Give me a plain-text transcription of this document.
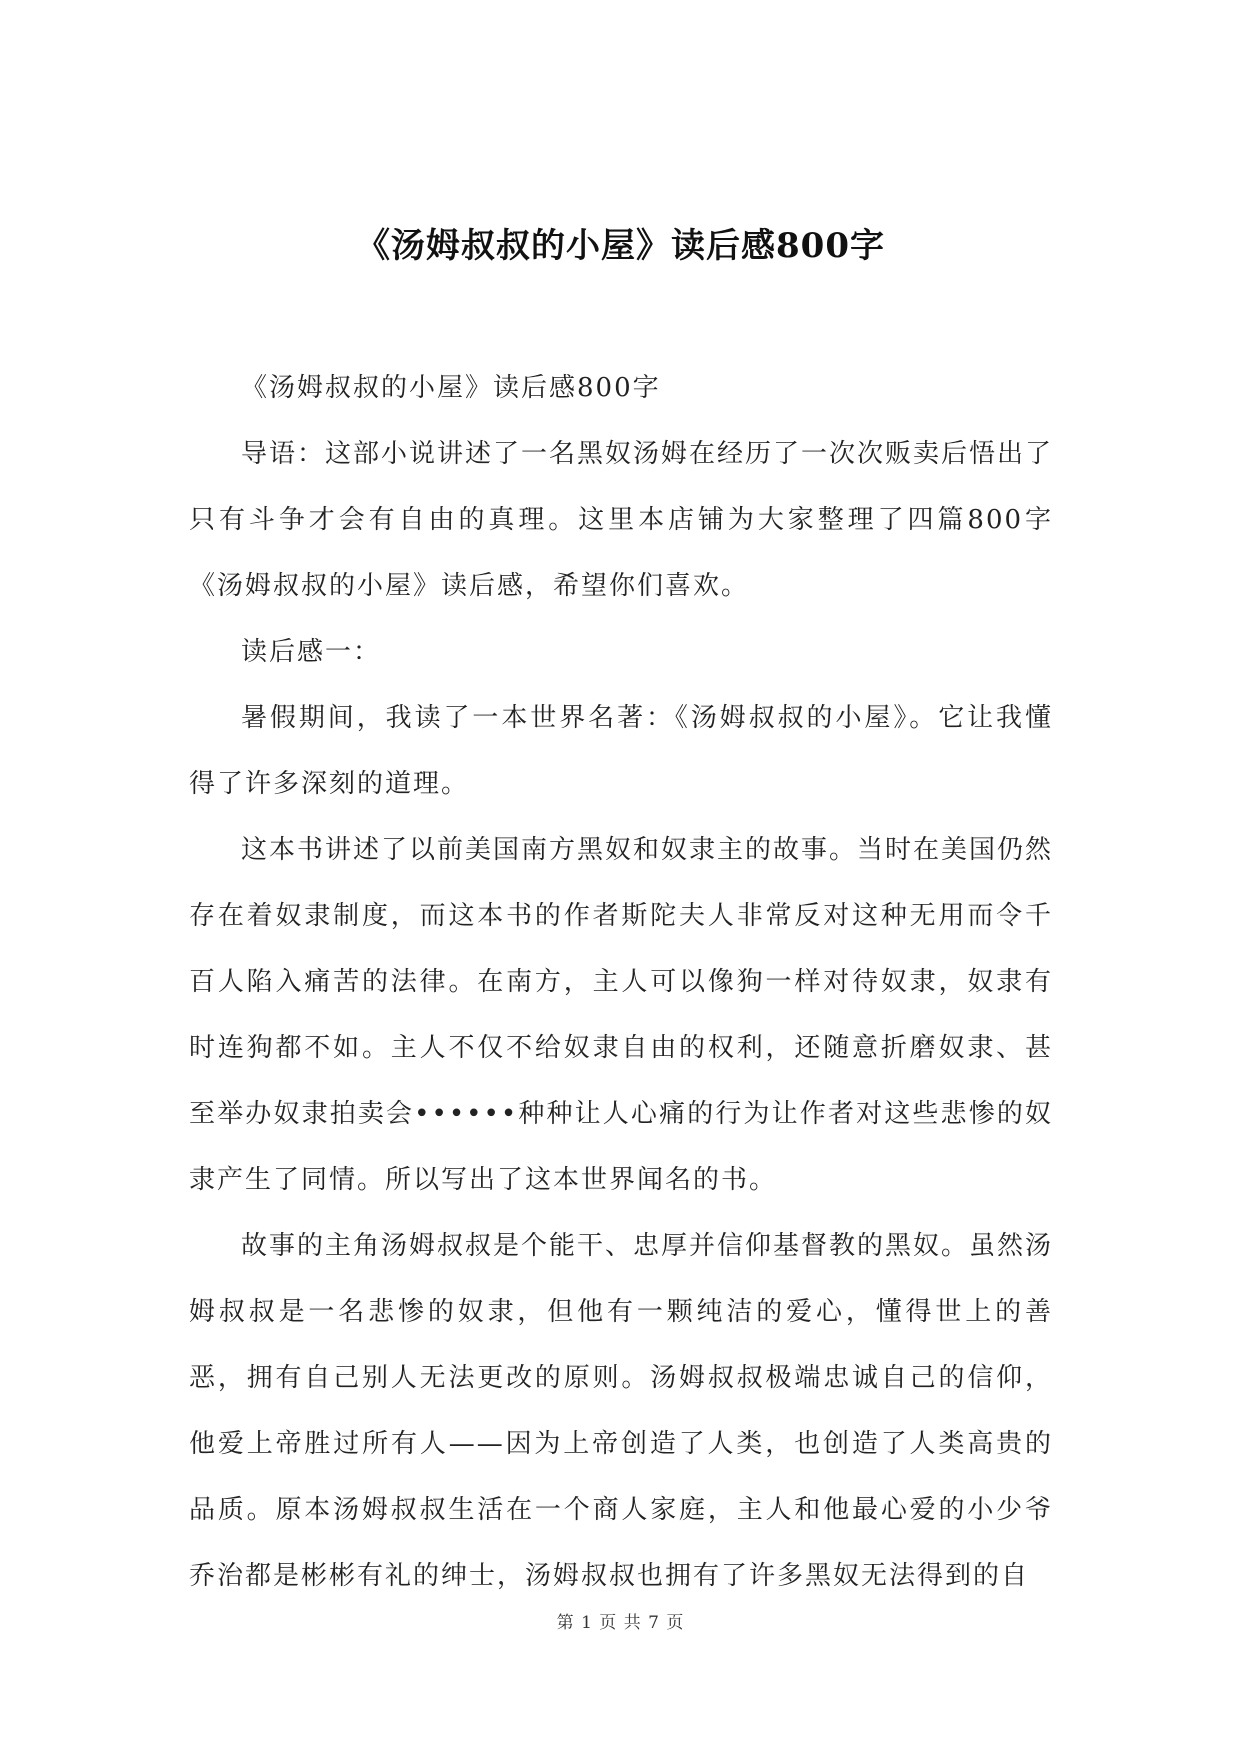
《汤姆叔叔的小屋》读后感800字

《汤姆叔叔的小屋》读后感800字

导语：这部小说讲述了一名黑奴汤姆在经历了一次次贩卖后悟出了只有斗争才会有自由的真理。这里本店铺为大家整理了四篇800字《汤姆叔叔的小屋》读后感，希望你们喜欢。

读后感一：

暑假期间，我读了一本世界名著：《汤姆叔叔的小屋》。它让我懂得了许多深刻的道理。

这本书讲述了以前美国南方黑奴和奴隶主的故事。当时在美国仍然存在着奴隶制度，而这本书的作者斯陀夫人非常反对这种无用而令千百人陷入痛苦的法律。在南方，主人可以像狗一样对待奴隶，奴隶有时连狗都不如。主人不仅不给奴隶自由的权利，还随意折磨奴隶、甚至举办奴隶拍卖会••••••种种让人心痛的行为让作者对这些悲惨的奴隶产生了同情。所以写出了这本世界闻名的书。

故事的主角汤姆叔叔是个能干、忠厚并信仰基督教的黑奴。虽然汤姆叔叔是一名悲惨的奴隶，但他有一颗纯洁的爱心，懂得世上的善恶，拥有自己别人无法更改的原则。汤姆叔叔极端忠诚自己的信仰，他爱上帝胜过所有人——因为上帝创造了人类，也创造了人类高贵的品质。原本汤姆叔叔生活在一个商人家庭，主人和他最心爱的小少爷乔治都是彬彬有礼的绅士，汤姆叔叔也拥有了许多黑奴无法得到的自

第 1 页 共 7 页
